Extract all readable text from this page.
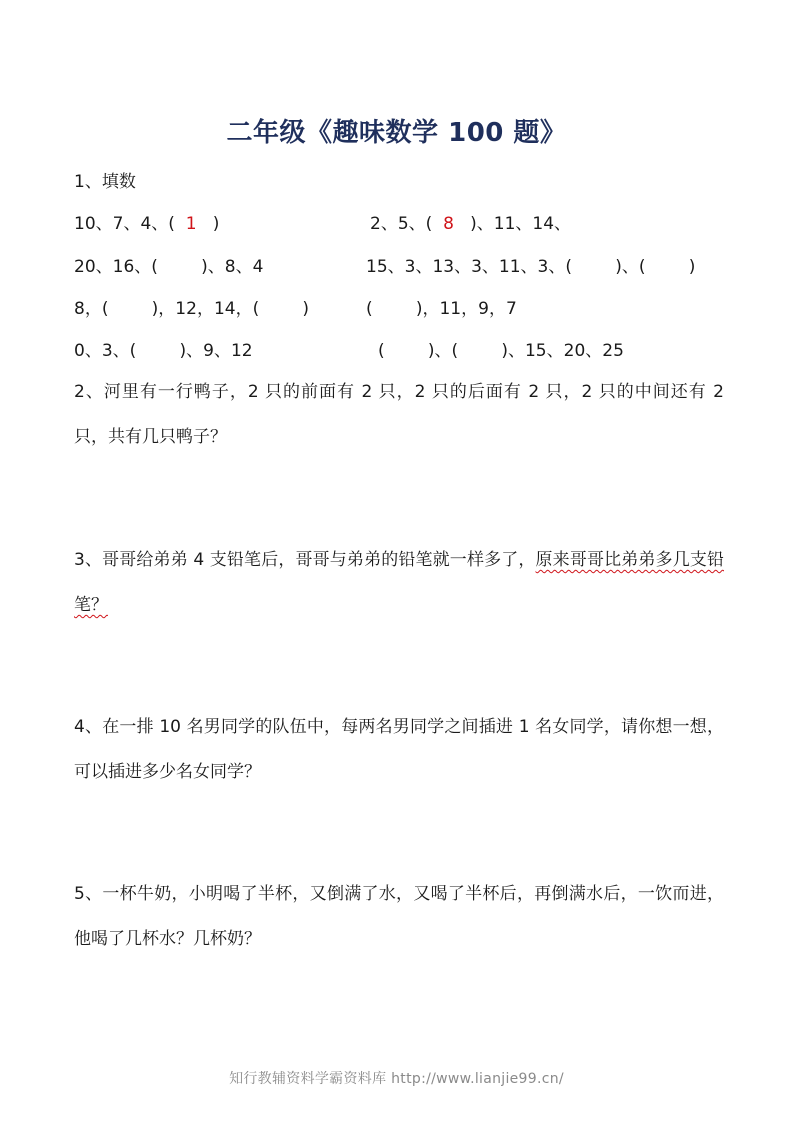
二年级《趣味数学 100 题》
1、填数
10、7、4、( 1 )	2、5、( 8 )、11、14、
20、16、(        )、8、4	15、3、13、3、11、3、(        )、(        )
8，(        )，12，14，(        )	(        )，11，9，7
0、3、(        )、9、12	(        )、(        )、15、20、25
2、河里有一行鸭子，2 只的前面有 2 只，2 只的后面有 2 只，2 只的中间还有 2 只，共有几只鸭子？
3、哥哥给弟弟 4 支铅笔后，哥哥与弟弟的铅笔就一样多了，原来哥哥比弟弟多几支铅笔？
4、在一排 10 名男同学的队伍中，每两名男同学之间插进 1 名女同学，请你想一想，可以插进多少名女同学？
5、一杯牛奶，小明喝了半杯，又倒满了水，又喝了半杯后，再倒满水后，一饮而进，他喝了几杯水？几杯奶？
知行教辅资料学霸资料库 http://www.lianjie99.cn/
